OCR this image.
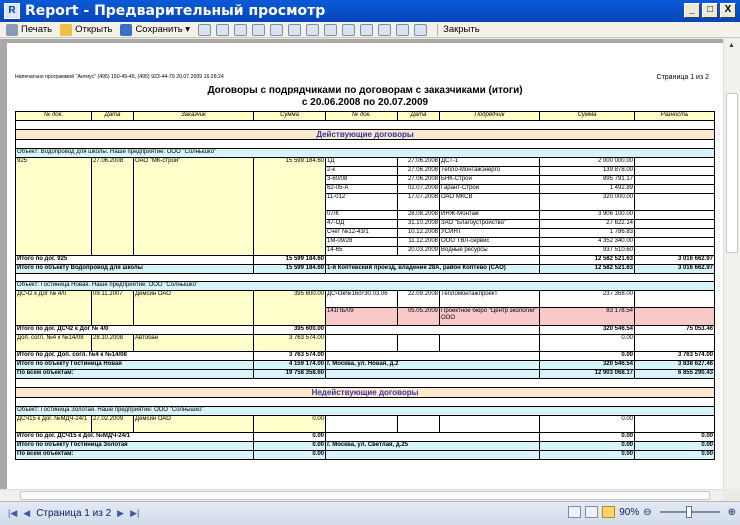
R Report - Предварительный просмотр	_	□	X
Печать Открыть Сохранить ▾	Закрыть
Напечатано программой "Антиус" (495) 150-49-45, (495) 923-44-79 20.07.2009 16:28:24	Страница 1 из 2
Договоры с подрядчиками по договорам с заказчиками (итоги)
с 20.06.2008 по 20.07.2009
№ док.	Дата	Заказчик	Сумма	№ док.	Дата	Подрядчик	Сумма	Разность

Действующие договоры								

Объект: Водопровод для школы. Наше предприятие: ООО "Солнышко"								
925	27.06.2008	ОАО "МК-строй"	15 599 184.60	1Д	27.06.2008	ДСТ-1	2 000 000.00	
				2-к	27.06.2008	Тепло-Монтажэнерго	139 878.00	
				3-60/08	27.06.2008	БНК-Строй	895 791.17	
				62-05-А	02.07.2008	Гарант-Строй	1 492.89	
				11-012	17.07.2008	ОАО МКСВ	320 000.00	
				07/К	28.08.2008	ИНЖ-Монтаж	3 906 100.00	
				47-ОД	31.10.2008	ЗАО "Благоустройство"	27 622.14	
				Счет №12-43/1	10.12.2008	УСИНТ	1 786.83	
				1М-09/28	11.12.2008	ООО ТВЛ-сервис	4 352 340.00	
				14-65	20.03.2009	Водные ресурсы	937 510.60	
Итого по дог. 925			15 599 184.60				12 582 521.63	3 016 662.97
Итого по объекту Водопровод для школы			15 599 184.60	1-й Коптевский проезд, владение 28А, район Коптево (САО)			12 582 521.63	3 016 662.97

Объект: Гостиница Новая. Наше предприятие: ООО "Солнышко"								
ДСЧ2 к Дог № 4/0	09.11.2007	Демсин ОАО	395 600.00	ДСЧ3к№16от30.03.06	22.09.2008	Тепломонтажпроект	237 368.00	
				141ПБ/09	05.05.2009	Проектное бюро "Центр экологии" ООО	83 178.54	
Итого по дог. ДСЧ2 к Дог № 4/0			395 600.00				320 546.54	75 053.46
Доп. согл. №4 к №14/08	28.10.2008	Автобан	3 763 574.00				0.00	
Итого по дог. Доп. согл. №4 к №14/08			3 763 574.00				0.00	3 763 574.00
Итого по объекту Гостиница Новая			4 159 174.00	г. Москва, ул. Новая, д.2			320 546.54	3 838 627.46
По всем объектам:			19 758 358.60				12 903 068.17	6 855 290.43

Недействующие договоры								

Объект: Гостиница Золотая. Наше предприятие: ООО "Солнышко"								
ДСЧ15 к Дог. №МДЧ-24/1	27.02.2009	Демсин ОАО	0.00				0.00	
Итого по дог. ДСЧ15 к Дог. №МДЧ-24/1			0.00				0.00	0.00
Итого по объекту Гостиница Золотая			0.00	г. Москва, ул. Светлая, д.25			0.00	0.00
По всем объектам:			0.00				0.00	0.00
▲
|◀ ◀ Страница 1 из 2 ▶ ▶|	90% ⊖	⊕
